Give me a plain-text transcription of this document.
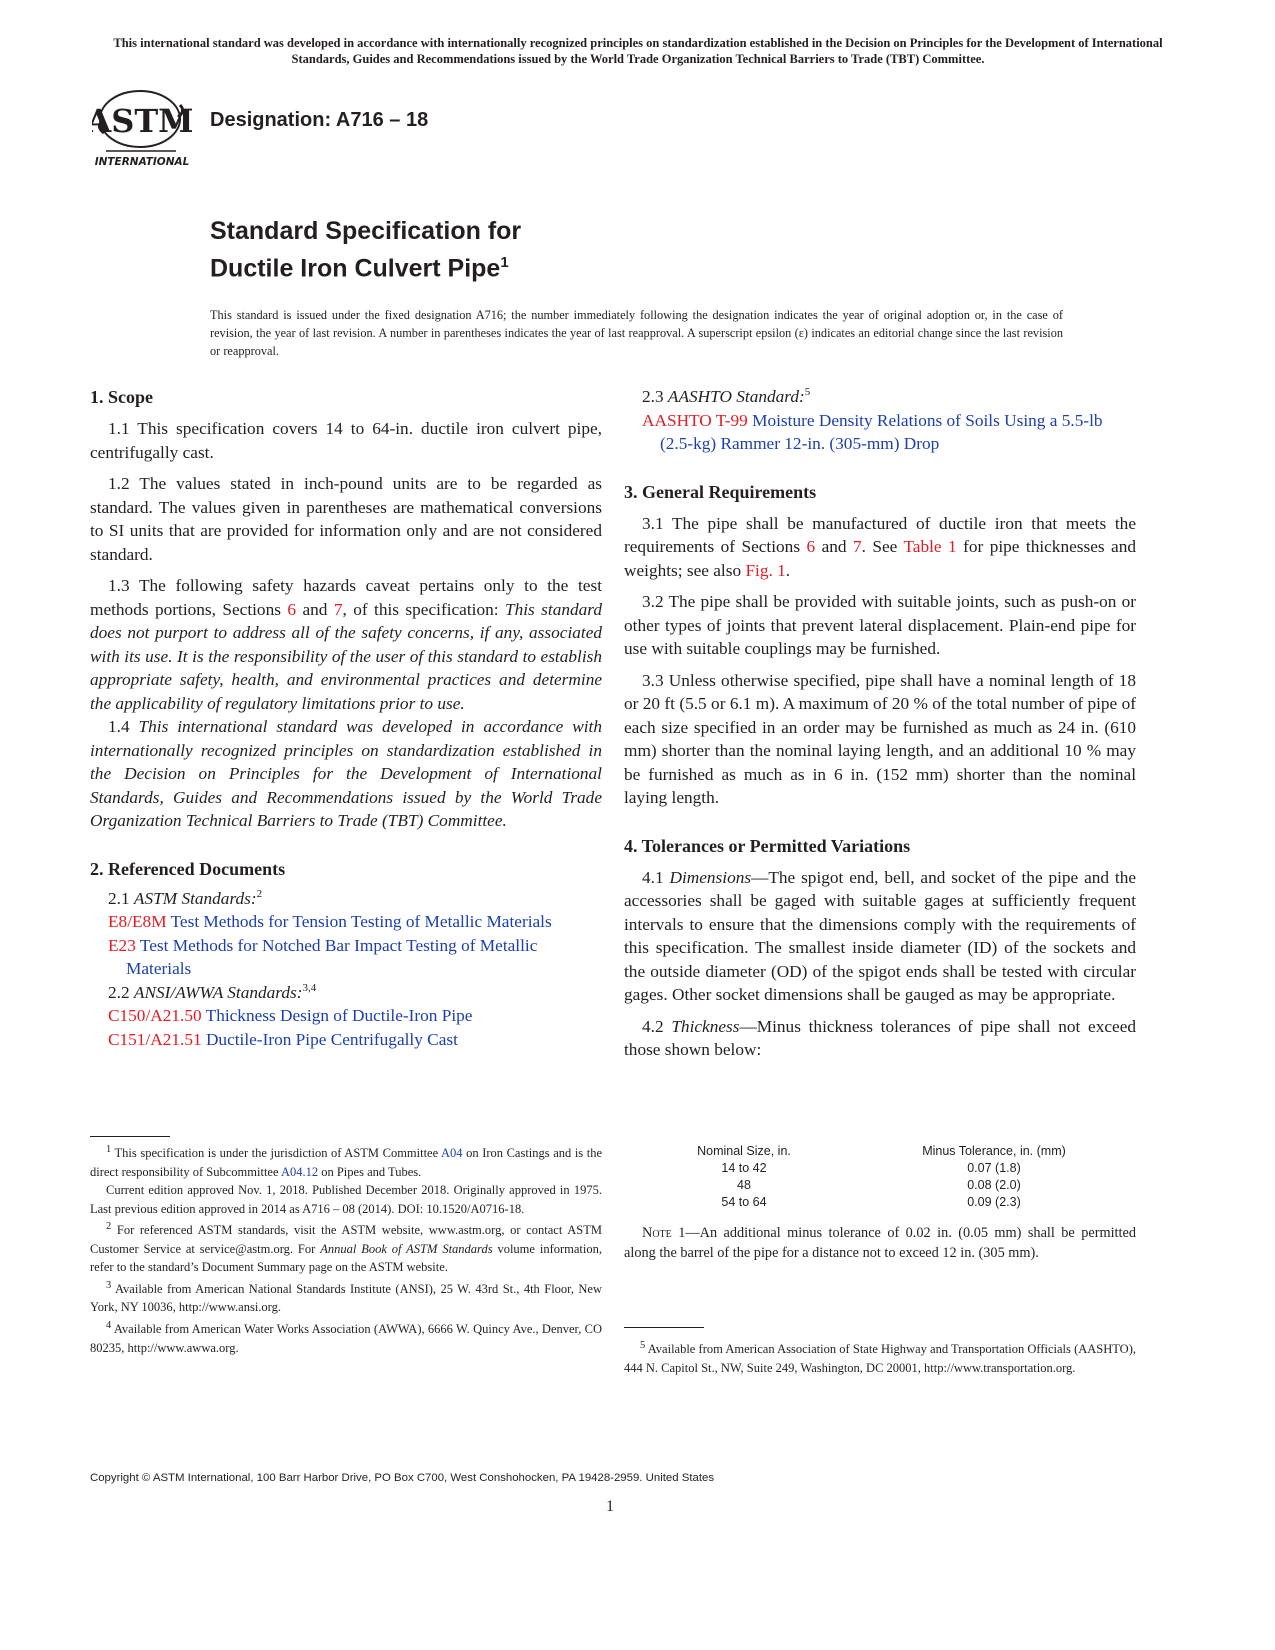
This international standard was developed in accordance with internationally recognized principles on standardization established in the Decision on Principles for the Development of International Standards, Guides and Recommendations issued by the World Trade Organization Technical Barriers to Trade (TBT) Committee.
ASTM
INTERNATIONAL
Designation: A716 – 18
Standard Specification for
Ductile Iron Culvert Pipe$^1$
This standard is issued under the fixed designation A716; the number immediately following the designation indicates the year of original adoption or, in the case of revision, the year of last revision. A number in parentheses indicates the year of last reapproval. A superscript epsilon (ε) indicates an editorial change since the last revision or reapproval.
1. Scope

1.1 This specification covers 14 to 64-in. ductile iron culvert pipe, centrifugally cast.

1.2 The values stated in inch-pound units are to be regarded as standard. The values given in parentheses are mathematical conversions to SI units that are provided for information only and are not considered standard.

1.3 The following safety hazards caveat pertains only to the test methods portions, Sections 6 and 7, of this specification: This standard does not purport to address all of the safety concerns, if any, associated with its use. It is the responsibility of the user of this standard to establish appropriate safety, health, and environmental practices and determine the applicability of regulatory limitations prior to use.

1.4 This international standard was developed in accordance with internationally recognized principles on standardization established in the Decision on Principles for the Development of International Standards, Guides and Recommendations issued by the World Trade Organization Technical Barriers to Trade (TBT) Committee.

2. Referenced Documents

2.1 ASTM Standards:$^2$

E8/E8M Test Methods for Tension Testing of Metallic Materials

E23 Test Methods for Notched Bar Impact Testing of Metallic Materials

2.2 ANSI/AWWA Standards:$^{3,4}$

C150/A21.50 Thickness Design of Ductile-Iron Pipe

C151/A21.51 Ductile-Iron Pipe Centrifugally Cast

$^1$ This specification is under the jurisdiction of ASTM Committee A04 on Iron Castings and is the direct responsibility of Subcommittee A04.12 on Pipes and Tubes.

Current edition approved Nov. 1, 2018. Published December 2018. Originally approved in 1975. Last previous edition approved in 2014 as A716 – 08 (2014). DOI: 10.1520/A0716-18.

$^2$ For referenced ASTM standards, visit the ASTM website, www.astm.org, or contact ASTM Customer Service at service@astm.org. For Annual Book of ASTM Standards volume information, refer to the standard’s Document Summary page on the ASTM website.

$^3$ Available from American National Standards Institute (ANSI), 25 W. 43rd St., 4th Floor, New York, NY 10036, http://www.ansi.org.

$^4$ Available from American Water Works Association (AWWA), 6666 W. Quincy Ave., Denver, CO 80235, http://www.awwa.org.

2.3 AASHTO Standard:$^5$

AASHTO T-99 Moisture Density Relations of Soils Using a 5.5-lb (2.5-kg) Rammer 12-in. (305-mm) Drop

3. General Requirements

3.1 The pipe shall be manufactured of ductile iron that meets the requirements of Sections 6 and 7. See Table 1 for pipe thicknesses and weights; see also Fig. 1.

3.2 The pipe shall be provided with suitable joints, such as push-on or other types of joints that prevent lateral displacement. Plain-end pipe for use with suitable couplings may be furnished.

3.3 Unless otherwise specified, pipe shall have a nominal length of 18 or 20 ft (5.5 or 6.1 m). A maximum of 20 % of the total number of pipe of each size specified in an order may be furnished as much as 24 in. (610 mm) shorter than the nominal laying length, and an additional 10 % may be furnished as much as in 6 in. (152 mm) shorter than the nominal laying length.

4. Tolerances or Permitted Variations

4.1 Dimensions—The spigot end, bell, and socket of the pipe and the accessories shall be gaged with suitable gages at sufficiently frequent intervals to ensure that the dimensions comply with the requirements of this specification. The smallest inside diameter (ID) of the sockets and the outside diameter (OD) of the spigot ends shall be tested with circular gages. Other socket dimensions shall be gauged as may be appropriate.

4.2 Thickness—Minus thickness tolerances of pipe shall not exceed those shown below:

Nominal Size, in.	Minus Tolerance, in. (mm)
14 to 42	0.07 (1.8)
48	0.08 (2.0)
54 to 64	0.09 (2.3)
Note 1—An additional minus tolerance of 0.02 in. (0.05 mm) shall be permitted along the barrel of the pipe for a distance not to exceed 12 in. (305 mm).

$^5$ Available from American Association of State Highway and Transportation Officials (AASHTO), 444 N. Capitol St., NW, Suite 249, Washington, DC 20001, http://www.transportation.org.

Copyright © ASTM International, 100 Barr Harbor Drive, PO Box C700, West Conshohocken, PA 19428-2959. United States
1
